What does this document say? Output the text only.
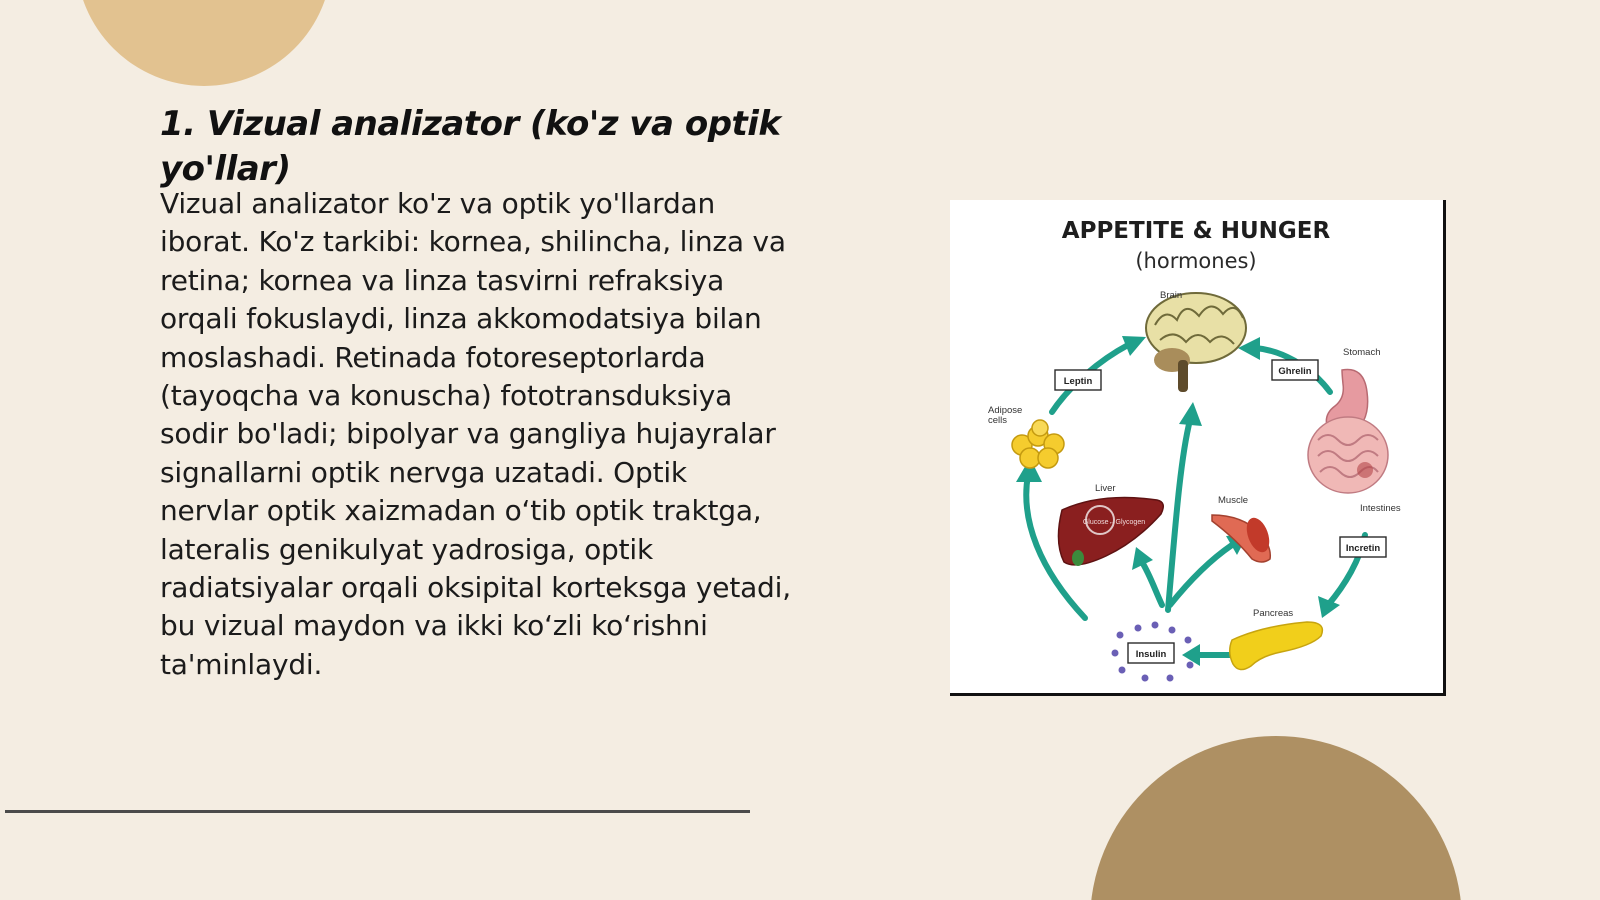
1. Vizual analizator (ko'z va optik yo'llar)

Vizual analizator ko'z va optik yo'llardan
iborat. Ko'z tarkibi: kornea, shilincha, linza va
retina; kornea va linza tasvirni refraksiya
orqali fokuslaydi, linza akkomodatsiya bilan
moslashadi. Retinada fotoreseptorlarda
(tayoqcha va konuscha) fototransduksiya
sodir bo'ladi; bipolyar va gangliya hujayralar
signallarni optik nervga uzatadi. Optik
nervlar optik xaizmadan o‘tib optik traktga,
lateralis genikulyat yadrosiga, optik
radiatsiyalar orqali oksipital korteksga yetadi,
bu vizual maydon va ikki ko‘zli ko‘rishni
ta'minlaydi.

APPETITE & HUNGER
(hormones)
Brain
Stomach
Intestines
Adipose
cells
Glucose↔Glycogen
Liver
Muscle
Pancreas
Leptin
Ghrelin
Incretin
Insulin
